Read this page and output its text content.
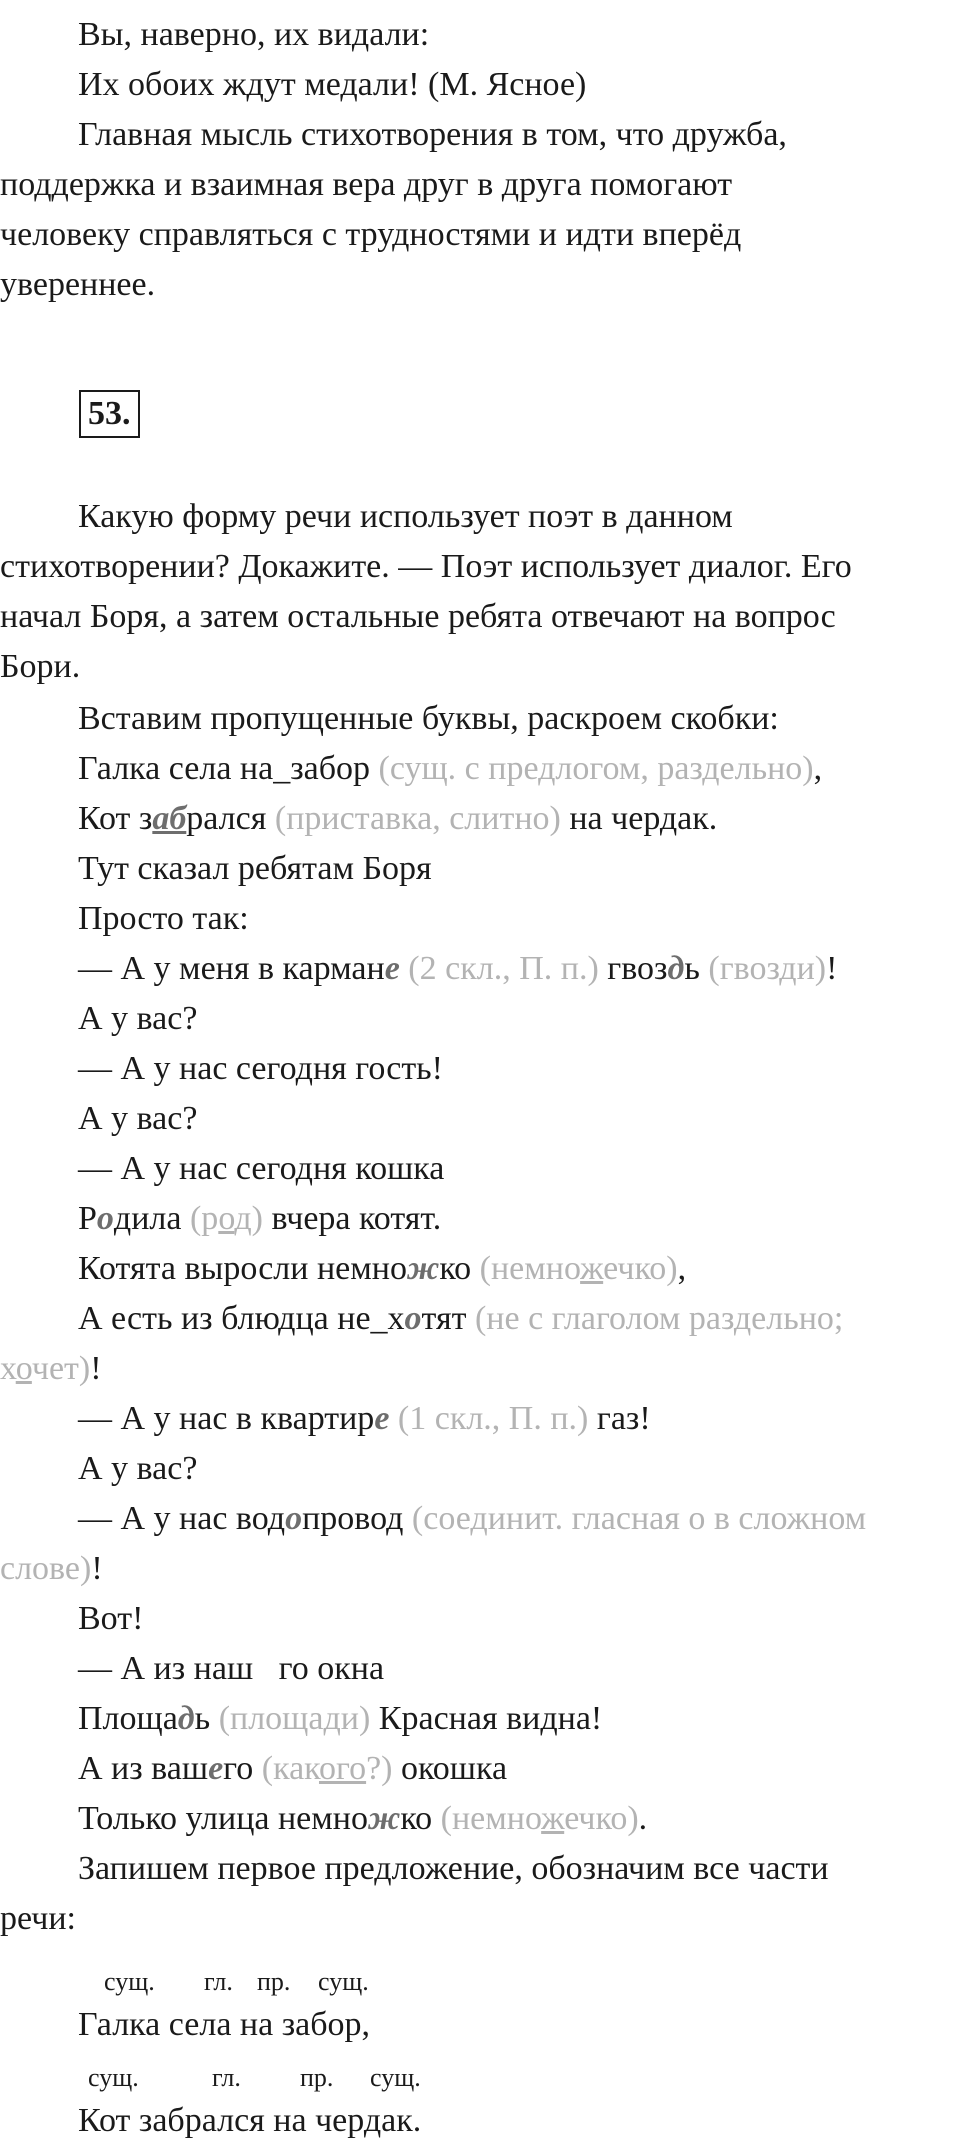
Вы, наверно, их видали:
Их обоих ждут медали! (М. Ясное)
Главная мысль стихотворения в том, что дружба,
поддержка и взаимная вера друг в друга помогают
человеку справляться с трудностями и идти вперёд
увереннее.
53.
Какую форму речи использует поэт в данном
стихотворении? Докажите. — Поэт использует диалог. Его
начал Боря, а затем остальные ребята отвечают на вопрос
Бори.
Вставим пропущенные буквы, раскроем скобки:
Галка села на_забор (сущ. с предлогом, раздельно),
Кот забрался (приставка, слитно) на чердак.
Тут сказал ребятам Боря
Просто так:
— А у меня в кармане (2 скл., П. п.) гвоздь (гвозди)!
А у вас?
— А у нас сегодня гость!
А у вас?
— А у нас сегодня кошка
Родила (род) вчера котят.
Котята выросли немножко (немножечко),
А есть из блюдца не_хотят (не с глаголом раздельно;
хочет)!
— А у нас в квартире (1 скл., П. п.) газ!
А у вас?
— А у нас водопровод (соединит. гласная о в сложном
слове)!
Вот!
— А из наш   го окна
Площадь (площади) Красная видна!
А из вашего (какого?) окошка
Только улица немножко (немножечко).
Запишем первое предложение, обозначим все части
речи:
сущ. гл. пр. сущ.
Галка села на забор,
сущ.	гл. пр. сущ.
Кот забрался на чердак.
